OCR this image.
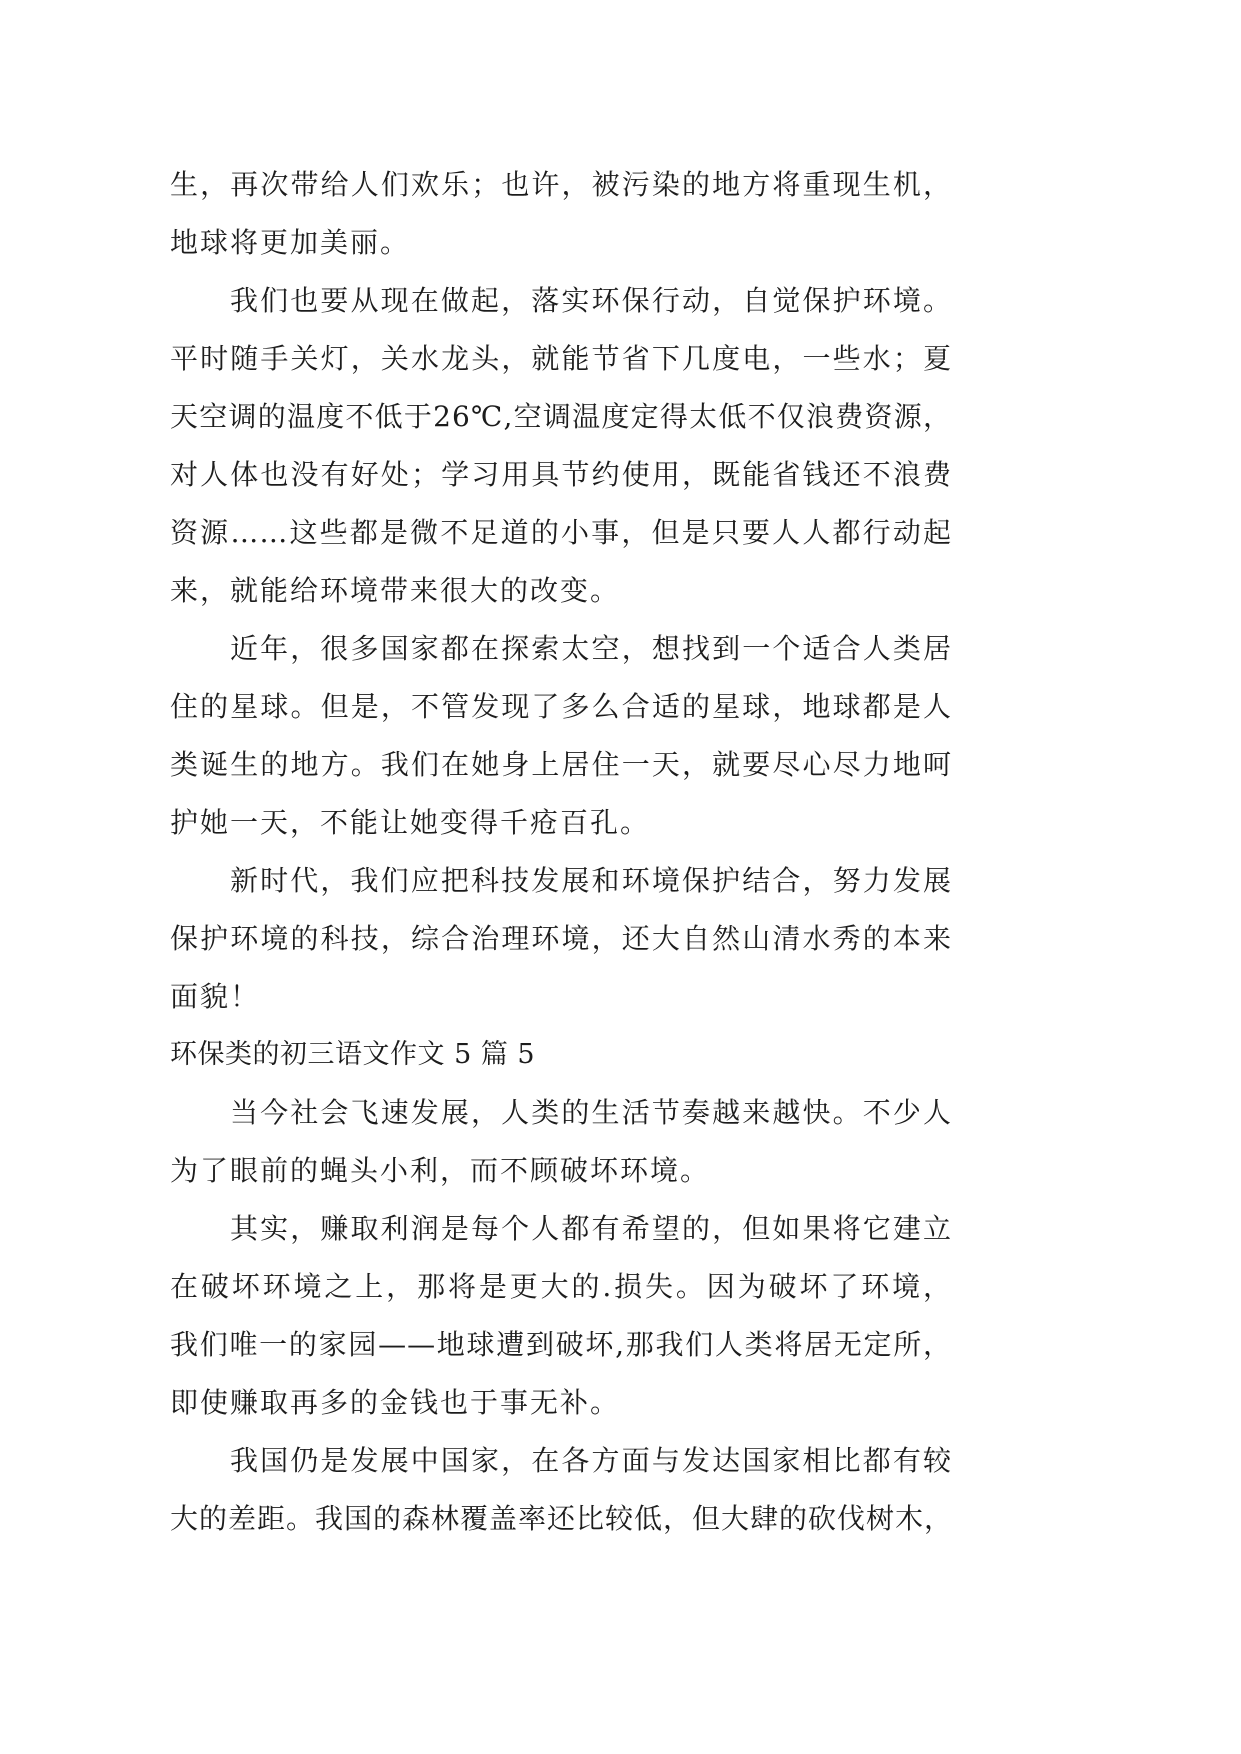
生，再次带给人们欢乐；也许，被污染的地方将重现生机，
地球将更加美丽。
我们也要从现在做起，落实环保行动，自觉保护环境。
平时随手关灯，关水龙头，就能节省下几度电，一些水；夏
天空调的温度不低于26℃,空调温度定得太低不仅浪费资源，
对人体也没有好处；学习用具节约使用，既能省钱还不浪费
资源……这些都是微不足道的小事，但是只要人人都行动起
来，就能给环境带来很大的改变。
近年，很多国家都在探索太空，想找到一个适合人类居
住的星球。但是，不管发现了多么合适的星球，地球都是人
类诞生的地方。我们在她身上居住一天，就要尽心尽力地呵
护她一天，不能让她变得千疮百孔。
新时代，我们应把科技发展和环境保护结合，努力发展
保护环境的科技，综合治理环境，还大自然山清水秀的本来
面貌！
环保类的初三语文作文 5 篇 5
当今社会飞速发展，人类的生活节奏越来越快。不少人
为了眼前的蝇头小利，而不顾破坏环境。
其实，赚取利润是每个人都有希望的，但如果将它建立
在破坏环境之上，那将是更大的.损失。因为破坏了环境，
我们唯一的家园——地球遭到破坏,那我们人类将居无定所，
即使赚取再多的金钱也于事无补。
我国仍是发展中国家，在各方面与发达国家相比都有较
大的差距。我国的森林覆盖率还比较低，但大肆的砍伐树木，
